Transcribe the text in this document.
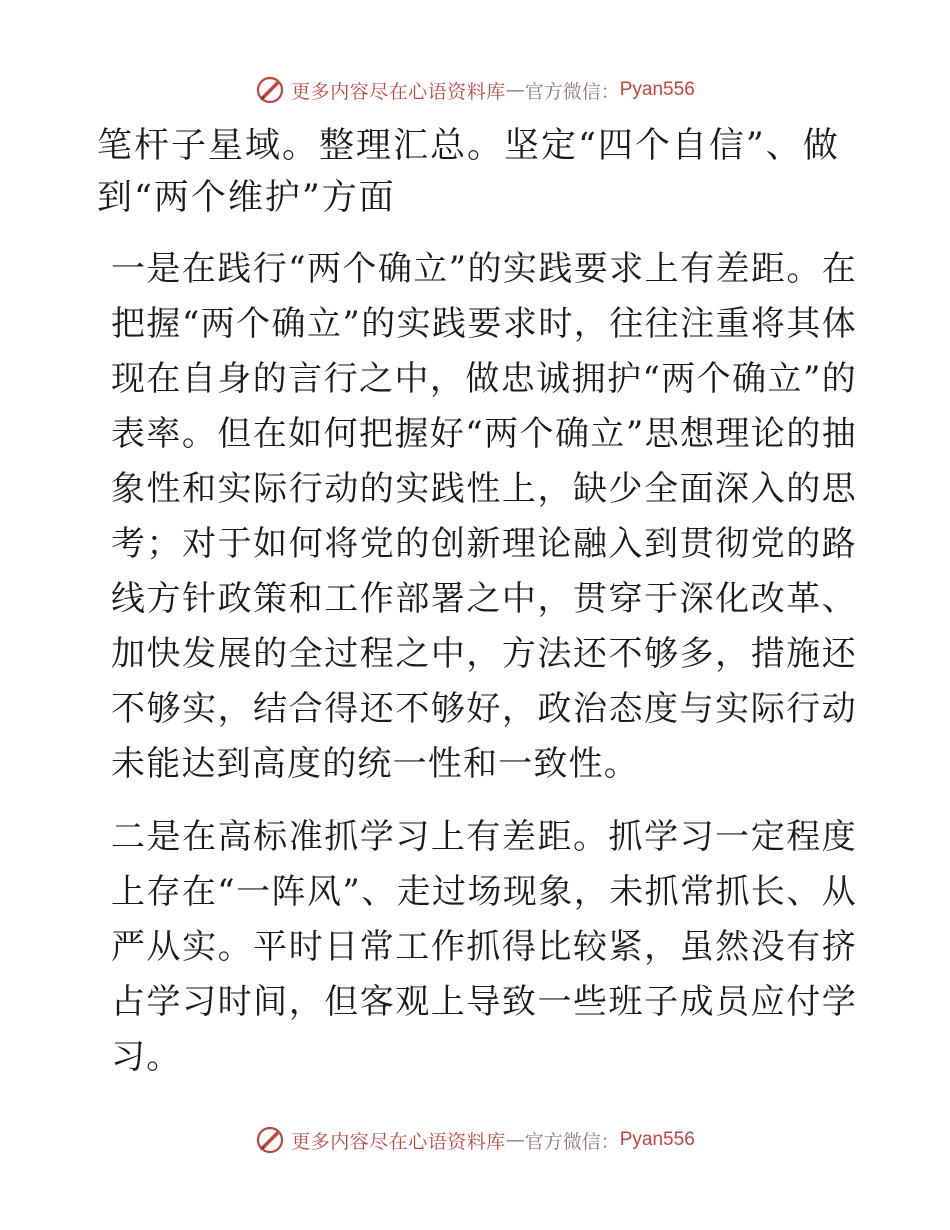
更多内容尽在心语资料库 — 官方微信： Pyan556
笔杆子星域。整理汇总。坚定“四个自信”、做到“两个维护”方面

一是在践行“两个确立”的实践要求上有差距。在把握“两个确立”的实践要求时，往往注重将其体现在自身的言行之中，做忠诚拥护“两个确立”的表率。但在如何把握好“两个确立”思想理论的抽象性和实际行动的实践性上，缺少全面深入的思考；对于如何将党的创新理论融入到贯彻党的路线方针政策和工作部署之中，贯穿于深化改革、加快发展的全过程之中，方法还不够多，措施还不够实，结合得还不够好，政治态度与实际行动未能达到高度的统一性和一致性。

二是在高标准抓学习上有差距。抓学习一定程度上存在“一阵风”、走过场现象，未抓常抓长、从严从实。平时日常工作抓得比较紧，虽然没有挤占学习时间，但客观上导致一些班子成员应付学习。

更多内容尽在心语资料库 — 官方微信： Pyan556
